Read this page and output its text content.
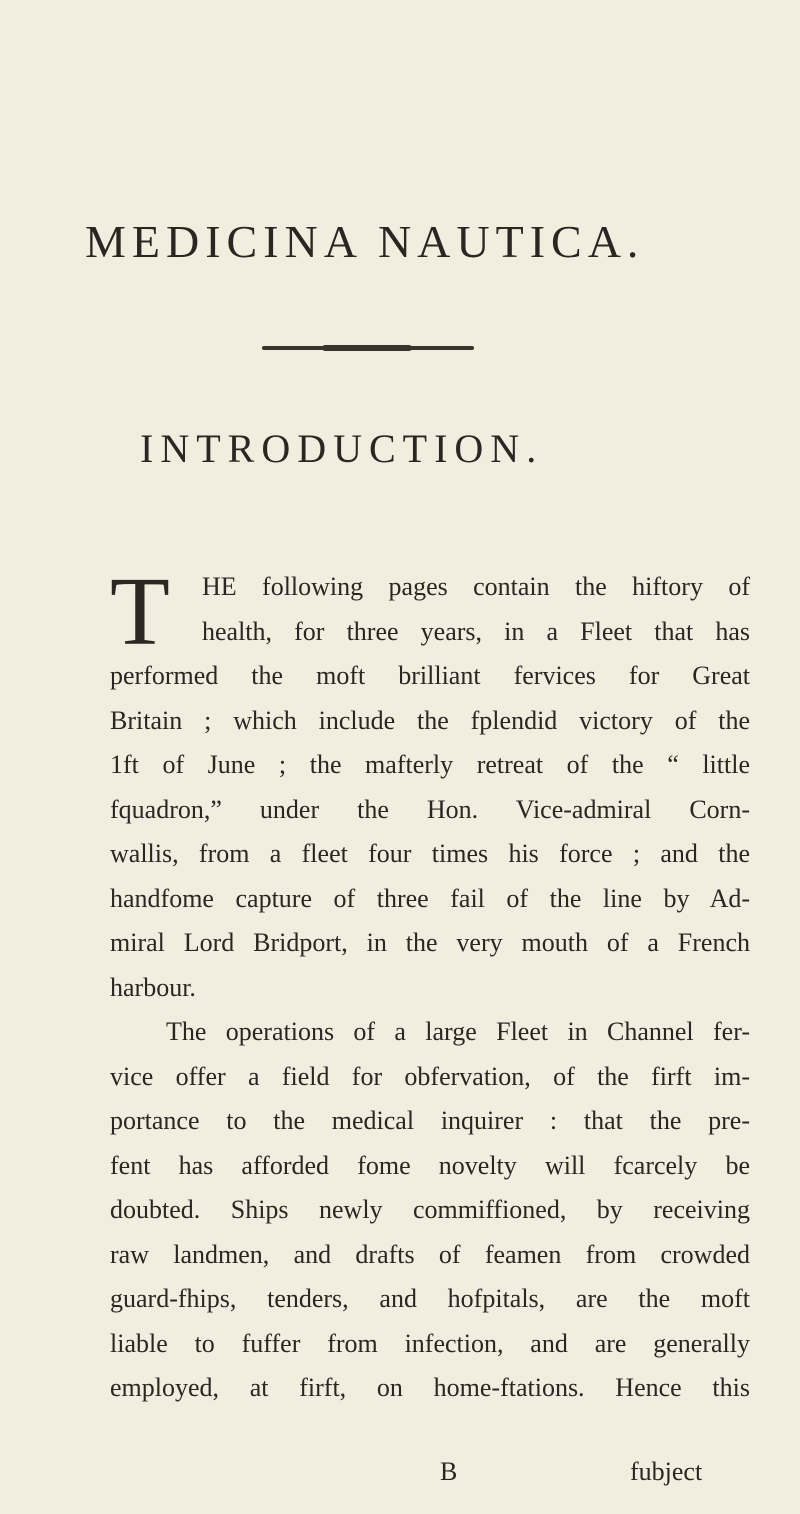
MEDICINA NAUTICA.
INTRODUCTION.
T	HE following pages contain the hiftory of
health, for three years, in a Fleet that has
performed the moft brilliant fervices for Great
Britain ; which include the fplendid victory of the
1ft of June ; the mafterly retreat of the “ little
fquadron,” under the Hon. Vice-admiral Corn-
wallis, from a fleet four times his force ; and the
handfome capture of three fail of the line by Ad-
miral Lord Bridport, in the very mouth of a French
harbour.
The operations of a large Fleet in Channel fer-
vice offer a field for obfervation, of the firft im-
portance to the medical inquirer : that the pre-
fent has afforded fome novelty will fcarcely be
doubted. Ships newly commiffioned, by receiving
raw landmen, and drafts of feamen from crowded
guard-fhips, tenders, and hofpitals, are the moft
liable to fuffer from infection, and are generally
employed, at firft, on home-ftations. Hence this
B	fubject
